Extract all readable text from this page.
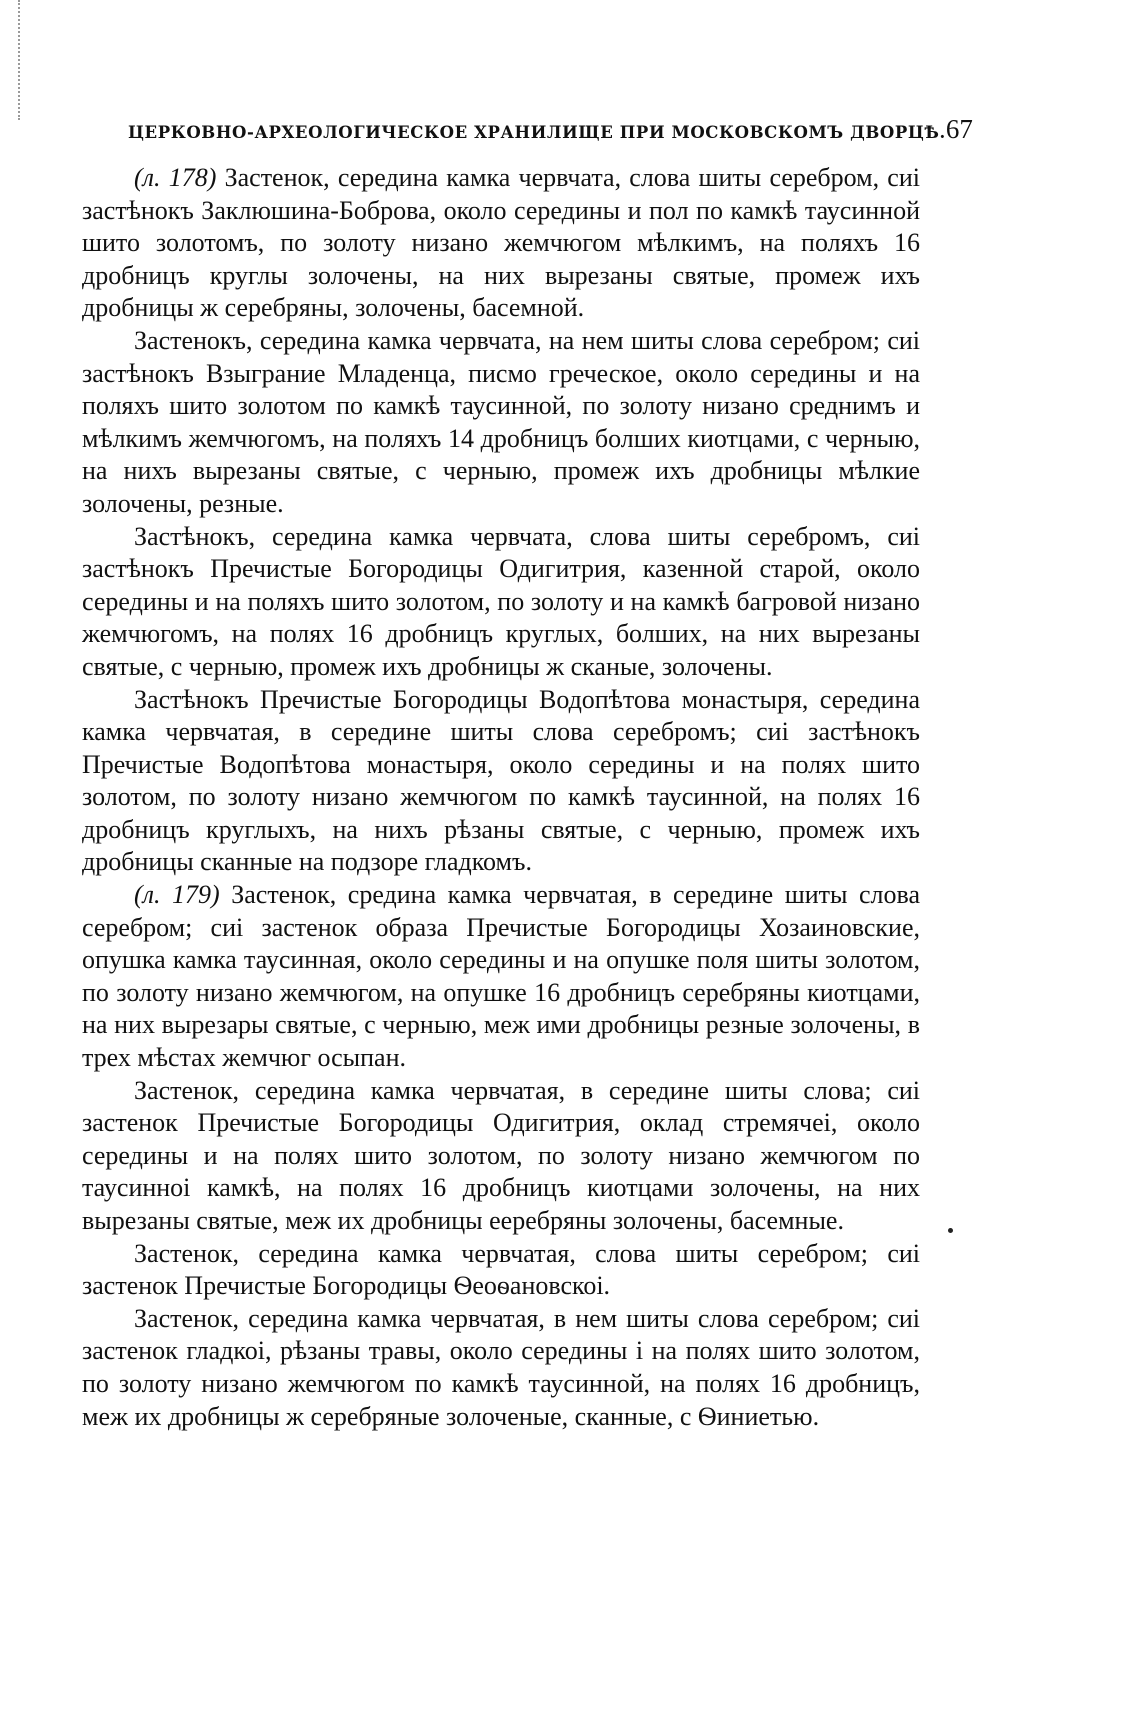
ЦЕРКОВНО-АРХЕОЛОГИЧЕСКОЕ ХРАНИЛИЩЕ ПРИ МОСКОВСКОМЪ ДВОРЦѢ. 67

(л. 178) Застенок, середина камка червчата, слова шиты серебром, сиі застѣнокъ Заклюшина-Боброва, около середины и пол по камкѣ таусинной шито золотомъ, по золоту низано жемчюгом мѣлкимъ, на поляхъ 16 дробницъ круглы золочены, на них вырезаны святые, промеж ихъ дробницы ж серебряны, золочены, басемной.

Застенокъ, середина камка червчата, на нем шиты слова серебром; сиі застѣнокъ Взыграние Младенца, писмо греческое, около середины и на поляхъ шито золотом по камкѣ таусинной, по золоту низано среднимъ и мѣлкимъ жемчюгомъ, на поляхъ 14 дробницъ болших киотцами, с черныю, на нихъ вырезаны святые, с черныю, промеж ихъ дробницы мѣлкие золочены, резные.

Застѣнокъ, середина камка червчата, слова шиты серебромъ, сиі застѣнокъ Пречистые Богородицы Одигитрия, казенной старой, около середины и на поляхъ шито золотом, по золоту и на камкѣ багровой низано жемчюгомъ, на полях 16 дробницъ круглых, болших, на них вырезаны святые, с черныю, промеж ихъ дробницы ж сканые, золочены.

Застѣнокъ Пречистые Богородицы Водопѣтова монастыря, середина камка червчатая, в середине шиты слова серебромъ; сиі застѣнокъ Пречистые Водопѣтова монастыря, около середины и на полях шито золотом, по золоту низано жемчюгом по камкѣ таусинной, на полях 16 дробницъ круглыхъ, на нихъ рѣзаны святые, с черныю, промеж ихъ дробницы сканные на подзоре гладкомъ.

(л. 179) Застенок, средина камка червчатая, в середине шиты слова серебром; сиі застенок образа Пречистые Богородицы Хозаиновские, опушка камка таусинная, около середины и на опушке поля шиты золотом, по золоту низано жемчюгом, на опушке 16 дробницъ серебряны киотцами, на них вырезары святые, с черныю, меж ими дробницы резные золочены, в трех мѣстах жемчюг осыпан.

Застенок, середина камка червчатая, в середине шиты слова; сиі застенок Пречистые Богородицы Одигитрия, оклад стремячеі, около середины и на полях шито золотом, по золоту низано жемчюгом по таусинноі камкѣ, на полях 16 дробницъ киотцами золочены, на них вырезаны святые, меж их дробницы ееребряны золочены, басемные.

Застенок, середина камка червчатая, слова шиты серебром; сиі застенок Пречистые Богородицы Ѳеоѳановскоі.

Застенок, середина камка червчатая, в нем шиты слова серебром; сиі застенок гладкоі, рѣзаны травы, около середины і на полях шито золотом, по золоту низано жемчюгом по камкѣ таусинной, на полях 16 дробницъ, меж их дробницы ж серебряные золоченые, сканные, с Ѳиниетью.
